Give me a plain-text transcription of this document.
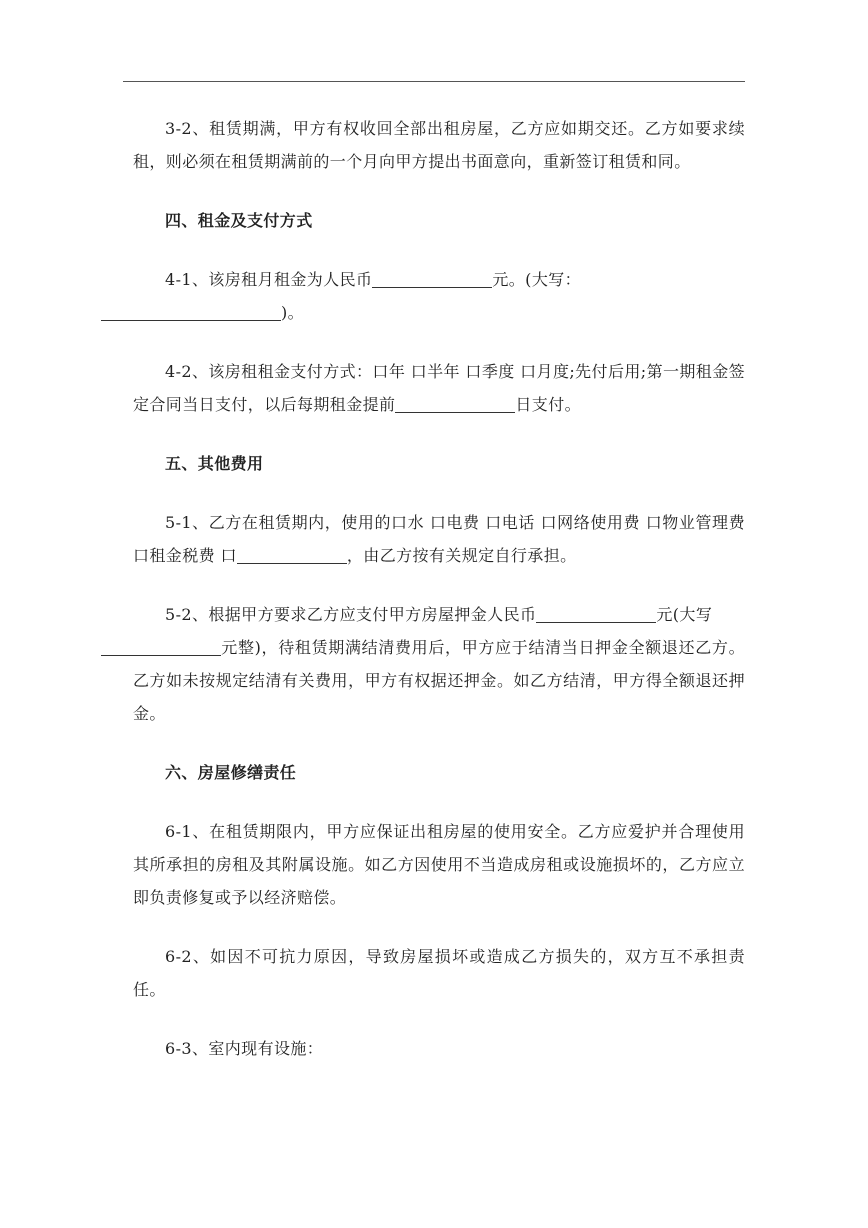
3-2、租赁期满，甲方有权收回全部出租房屋，乙方应如期交还。乙方如要求续租，则必须在租赁期满前的一个月向甲方提出书面意向，重新签订租赁和同。

四、租金及支付方式

4-1、该房租月租金为人民币	元。(大写：
)。

4-2、该房租租金支付方式：口年 口半年 口季度 口月度;先付后用;第一期租金签定合同当日支付，以后每期租金提前	日支付。

五、其他费用

5-1、乙方在租赁期内，使用的口水 口电费 口电话 口网络使用费 口物业管理费 口租金税费 口	，由乙方按有关规定自行承担。

5-2、根据甲方要求乙方应支付甲方房屋押金人民币	元(大写
元整)，待租赁期满结清费用后，甲方应于结清当日押金全额退还乙方。乙方如未按规定结清有关费用，甲方有权据还押金。如乙方结清，甲方得全额退还押金。

六、房屋修缮责任

6-1、在租赁期限内，甲方应保证出租房屋的使用安全。乙方应爱护并合理使用其所承担的房租及其附属设施。如乙方因使用不当造成房租或设施损坏的，乙方应立即负责修复或予以经济赔偿。

6-2、如因不可抗力原因，导致房屋损坏或造成乙方损失的，双方互不承担责任。

6-3、室内现有设施：
